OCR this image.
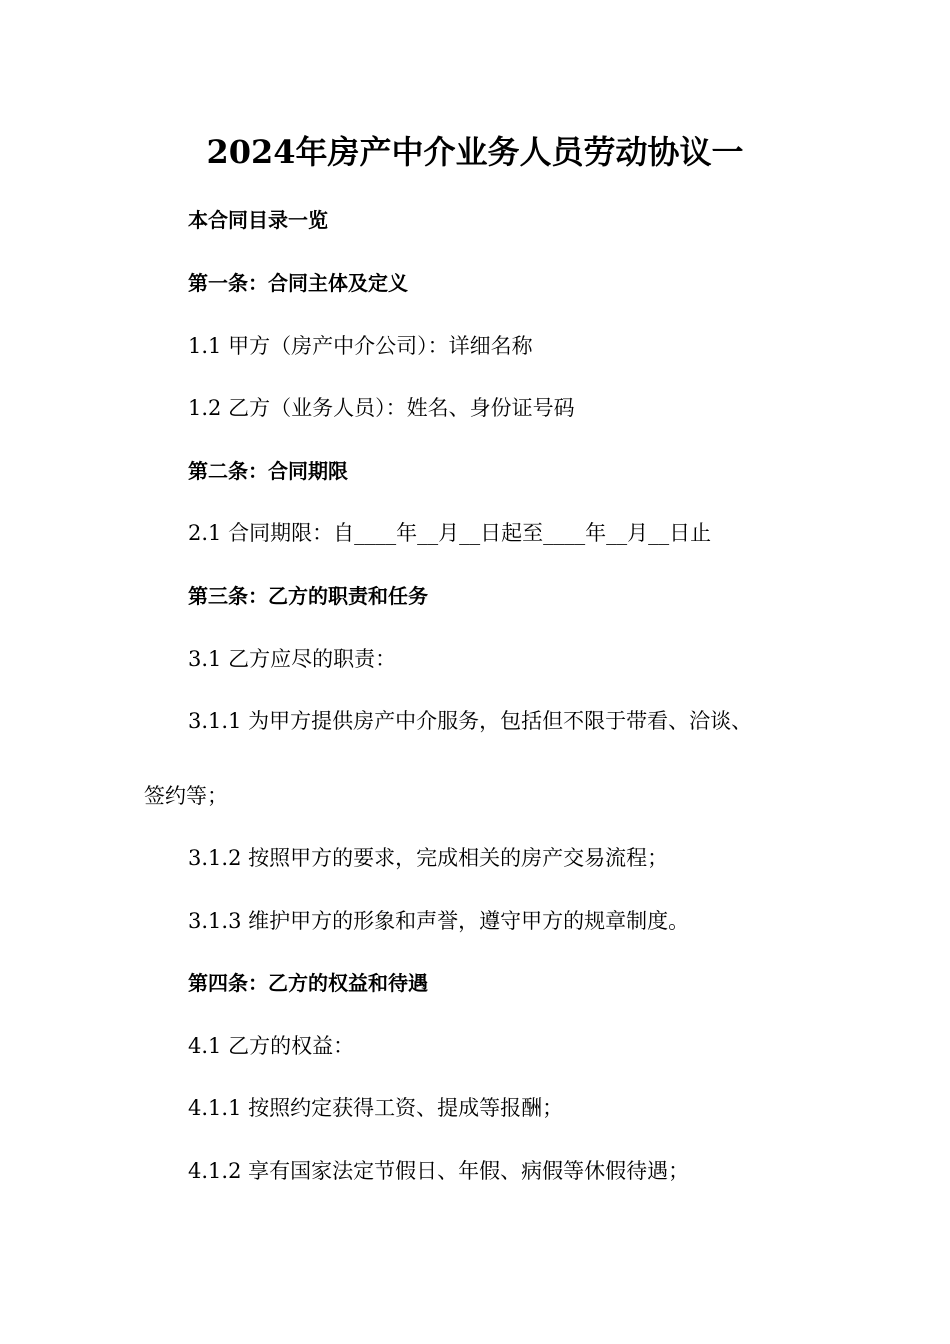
2024年房产中介业务人员劳动协议一
本合同目录一览
第一条：合同主体及定义
1.1 甲方（房产中介公司）：详细名称
1.2 乙方（业务人员）：姓名、身份证号码
第二条：合同期限
2.1 合同期限：自____年__月__日起至____年__月__日止
第三条：乙方的职责和任务
3.1 乙方应尽的职责：
3.1.1 为甲方提供房产中介服务，包括但不限于带看、洽谈、
签约等；
3.1.2 按照甲方的要求，完成相关的房产交易流程；
3.1.3 维护甲方的形象和声誉，遵守甲方的规章制度。
第四条：乙方的权益和待遇
4.1 乙方的权益：
4.1.1 按照约定获得工资、提成等报酬；
4.1.2 享有国家法定节假日、年假、病假等休假待遇；
